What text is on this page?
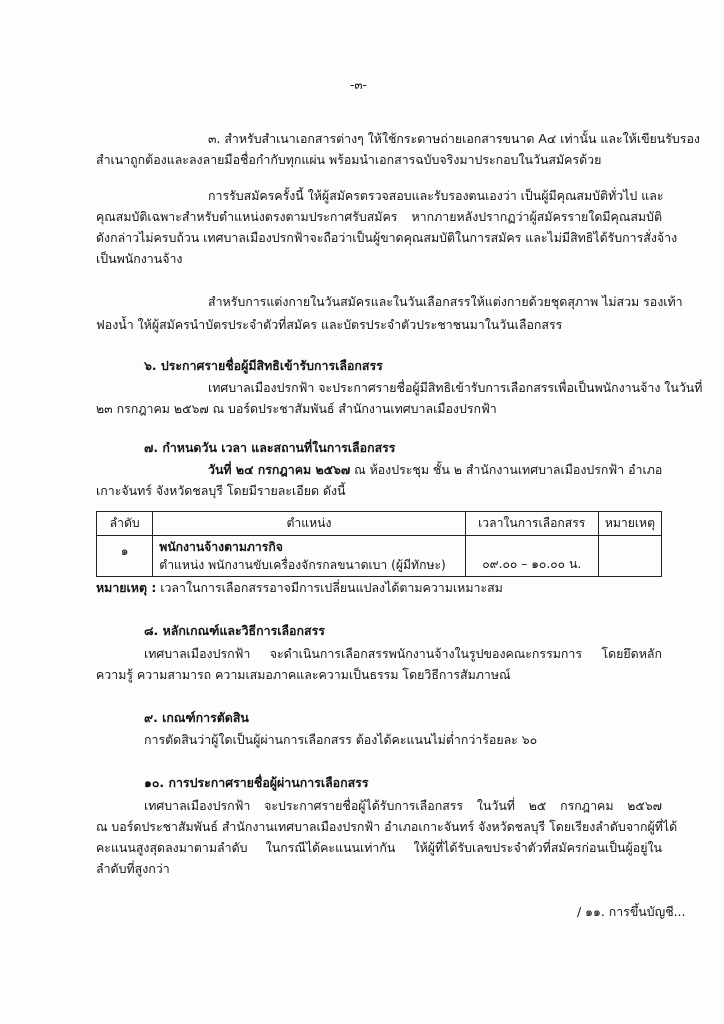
-๓-
๓. สำหรับสำเนาเอกสารต่างๆ ให้ใช้กระดาษถ่ายเอกสารขนาด A๔ เท่านั้น และให้เขียนรับรอง
สำเนาถูกต้องและลงลายมือชื่อกำกับทุกแผ่น พร้อมนำเอกสารฉบับจริงมาประกอบในวันสมัครด้วย
การรับสมัครครั้งนี้ ให้ผู้สมัครตรวจสอบและรับรองตนเองว่า เป็นผู้มีคุณสมบัติทั่วไป และ
คุณสมบัติเฉพาะสำหรับตำแหน่งตรงตามประกาศรับสมัคร หากภายหลังปรากฏว่าผู้สมัครรายใดมีคุณสมบัติ
ดังกล่าวไม่ครบถ้วน เทศบาลเมืองปรกฟ้าจะถือว่าเป็นผู้ขาดคุณสมบัติในการสมัคร และไม่มีสิทธิได้รับการสั่งจ้าง
เป็นพนักงานจ้าง
สำหรับการแต่งกายในวันสมัครและในวันเลือกสรรให้แต่งกายด้วยชุดสุภาพ ไม่สวม รองเท้า
ฟองน้ำ ให้ผู้สมัครนำบัตรประจำตัวที่สมัคร และบัตรประจำตัวประชาชนมาในวันเลือกสรร
๖. ประกาศรายชื่อผู้มีสิทธิเข้ารับการเลือกสรร
เทศบาลเมืองปรกฟ้า จะประกาศรายชื่อผู้มีสิทธิเข้ารับการเลือกสรรเพื่อเป็นพนักงานจ้าง ในวันที่
๒๓ กรกฎาคม ๒๕๖๗ ณ บอร์ดประชาสัมพันธ์ สำนักงานเทศบาลเมืองปรกฟ้า
๗. กำหนดวัน เวลา และสถานที่ในการเลือกสรร
วันที่ ๒๔ กรกฎาคม ๒๕๖๗ ณ ห้องประชุม ชั้น ๒ สำนักงานเทศบาลเมืองปรกฟ้า อำเภอ
เกาะจันทร์ จังหวัดชลบุรี โดยมีรายละเอียด ดังนี้
ลำดับ	ตำแหน่ง	เวลาในการเลือกสรร	หมายเหตุ
๑	พนักงานจ้างตามภารกิจ
ตำแหน่ง พนักงานขับเครื่องจักรกลขนาดเบา (ผู้มีทักษะ)	๐๙.๐๐ – ๑๐.๐๐ น.	
หมายเหตุ : เวลาในการเลือกสรรอาจมีการเปลี่ยนแปลงได้ตามความเหมาะสม
๘. หลักเกณฑ์และวิธีการเลือกสรร
เทศบาลเมืองปรกฟ้า จะดำเนินการเลือกสรรพนักงานจ้างในรูปของคณะกรรมการ โดยยึดหลัก
ความรู้ ความสามารถ ความเสมอภาคและความเป็นธรรม โดยวิธีการสัมภาษณ์
๙. เกณฑ์การตัดสิน
การตัดสินว่าผู้ใดเป็นผู้ผ่านการเลือกสรร ต้องได้คะแนนไม่ต่ำกว่าร้อยละ ๖๐
๑๐. การประกาศรายชื่อผู้ผ่านการเลือกสรร
เทศบาลเมืองปรกฟ้า จะประกาศรายชื่อผู้ได้รับการเลือกสรร ในวันที่ ๒๕ กรกฎาคม ๒๕๖๗
ณ บอร์ดประชาสัมพันธ์ สำนักงานเทศบาลเมืองปรกฟ้า อำเภอเกาะจันทร์ จังหวัดชลบุรี โดยเรียงลำดับจากผู้ที่ได้
คะแนนสูงสุดลงมาตามลำดับ ในกรณีได้คะแนนเท่ากัน ให้ผู้ที่ได้รับเลขประจำตัวที่สมัครก่อนเป็นผู้อยู่ใน
ลำดับที่สูงกว่า
/ ๑๑. การขึ้นบัญชี...
